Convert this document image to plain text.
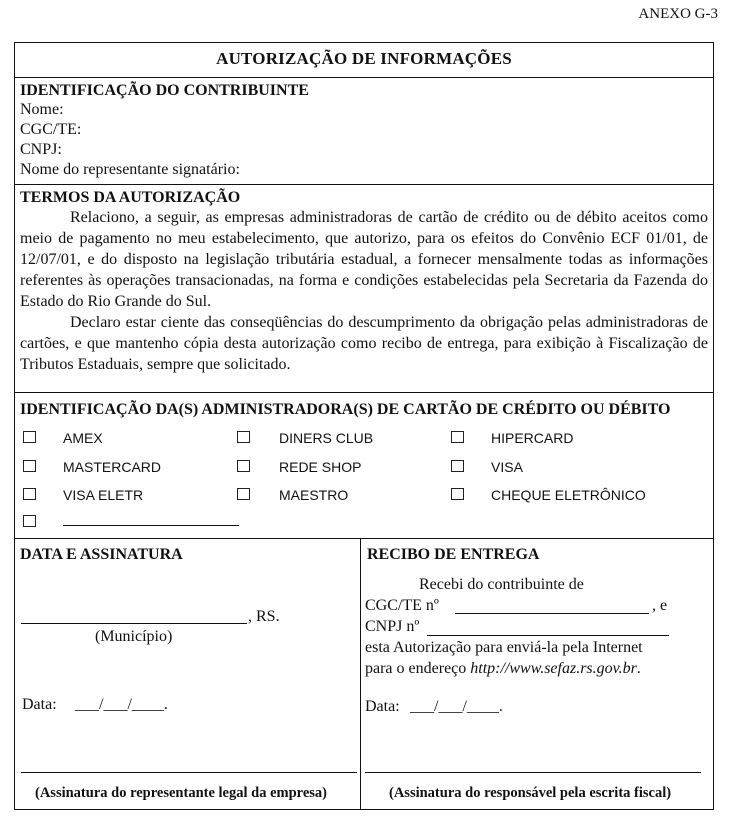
ANEXO G-3
AUTORIZAÇÃO DE INFORMAÇÕES
IDENTIFICAÇÃO DO CONTRIBUINTE
Nome:
CGC/TE:
CNPJ:
Nome do representante signatário:
TERMOS DA AUTORIZAÇÃO

Relaciono, a seguir, as empresas administradoras de cartão de crédito ou de débito aceitos como meio de pagamento no meu estabelecimento, que autorizo, para os efeitos do Convênio ECF 01/01, de 12/07/01, e do disposto na legislação tributária estadual, a fornecer mensalmente todas as informações referentes às operações transacionadas, na forma e condições estabelecidas pela Secretaria da Fazenda do Estado do Rio Grande do Sul.

Declaro estar ciente das conseqüências do descumprimento da obrigação pelas administradoras de cartões, e que mantenho cópia desta autorização como recibo de entrega, para exibição à Fiscalização de Tributos Estaduais, sempre que solicitado.

IDENTIFICAÇÃO DA(S) ADMINISTRADORA(S) DE CARTÃO DE CRÉDITO OU DÉBITO
AMEX	DINERS CLUB	HIPERCARD
MASTERCARD	REDE SHOP	VISA
VISA ELETR	MAESTRO	CHEQUE ELETRÔNICO
DATA E ASSINATURA
, RS.
(Município)
Data: ___/___/____.
(Assinatura do representante legal da empresa)
RECIBO DE ENTREGA
Recebi do contribuinte de
CGC/TE nº	, e
CNPJ nº
esta Autorização para enviá-la pela Internet
para o endereço http://www.sefaz.rs.gov.br.
Data: ___/___/____.
(Assinatura do responsável pela escrita fiscal)
